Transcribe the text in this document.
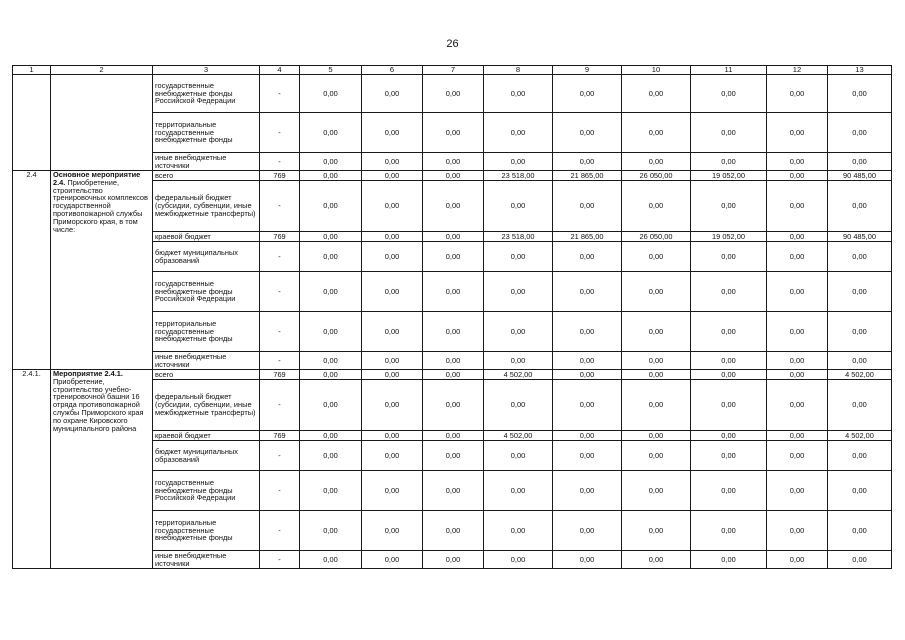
26
1	2	3	4	5	6	7	8	9	10	11	12	13
		государственные внебюджетные фонды Российской Федерации	-	0,00	0,00	0,00	0,00	0,00	0,00	0,00	0,00	0,00
		территориальные государственные внебюджетные фонды	-	0,00	0,00	0,00	0,00	0,00	0,00	0,00	0,00	0,00
		иные внебюджетные источники	-	0,00	0,00	0,00	0,00	0,00	0,00	0,00	0,00	0,00
2.4	Основное мероприятие 2.4. Приобретение, строительство тренировочных комплексов государственной противопожарной службы Приморского края, в том числе:	всего	769	0,00	0,00	0,00	23 518,00	21 865,00	26 050,00	19 052,00	0,00	90 485,00
		федеральный бюджет (субсидии, субвенции, иные межбюджетные трансферты)	-	0,00	0,00	0,00	0,00	0,00	0,00	0,00	0,00	0,00
		краевой бюджет	769	0,00	0,00	0,00	23 518,00	21 865,00	26 050,00	19 052,00	0,00	90 485,00
		бюджет муниципальных образований	-	0,00	0,00	0,00	0,00	0,00	0,00	0,00	0,00	0,00
		государственные внебюджетные фонды Российской Федерации	-	0,00	0,00	0,00	0,00	0,00	0,00	0,00	0,00	0,00
		территориальные государственные внебюджетные фонды	-	0,00	0,00	0,00	0,00	0,00	0,00	0,00	0,00	0,00
		иные внебюджетные источники	-	0,00	0,00	0,00	0,00	0,00	0,00	0,00	0,00	0,00
2.4.1.	Мероприятие 2.4.1. Приобретение, строительство учебно-тренировочной башни 16 отряда противопожарной службы Приморского края по охране Кировского муниципального района	всего	769	0,00	0,00	0,00	4 502,00	0,00	0,00	0,00	0,00	4 502,00
		федеральный бюджет (субсидии, субвенции, иные межбюджетные трансферты)	-	0,00	0,00	0,00	0,00	0,00	0,00	0,00	0,00	0,00
		краевой бюджет	769	0,00	0,00	0,00	4 502,00	0,00	0,00	0,00	0,00	4 502,00
		бюджет муниципальных образований	-	0,00	0,00	0,00	0,00	0,00	0,00	0,00	0,00	0,00
		государственные внебюджетные фонды Российской Федерации	-	0,00	0,00	0,00	0,00	0,00	0,00	0,00	0,00	0,00
		территориальные государственные внебюджетные фонды	-	0,00	0,00	0,00	0,00	0,00	0,00	0,00	0,00	0,00
		иные внебюджетные источники	-	0,00	0,00	0,00	0,00	0,00	0,00	0,00	0,00	0,00
